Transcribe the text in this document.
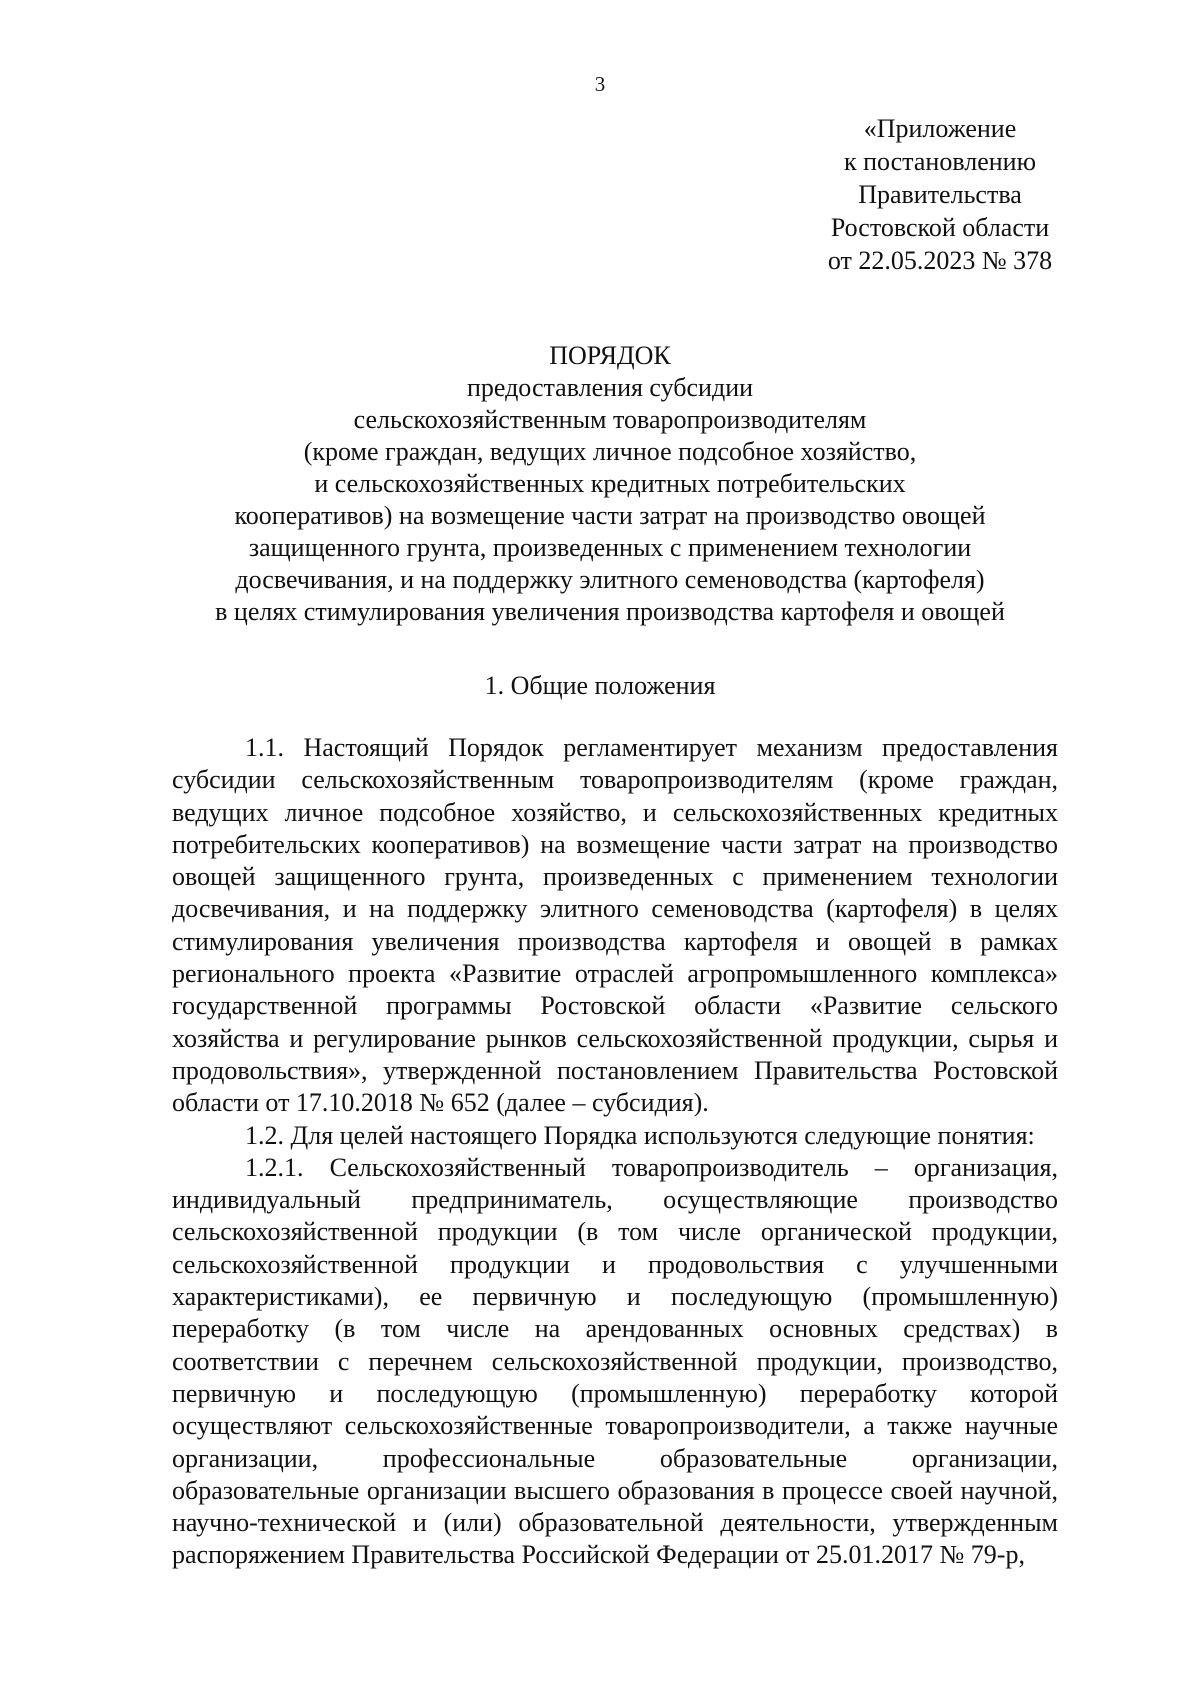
3
«Приложение
к постановлению
Правительства
Ростовской области
от 22.05.2023 № 378
ПОРЯДОК
предоставления субсидии
сельскохозяйственным товаропроизводителям
(кроме граждан, ведущих личное подсобное хозяйство,
и сельскохозяйственных кредитных потребительских
кооперативов) на возмещение части затрат на производство овощей
защищенного грунта, произведенных с применением технологии
досвечивания, и на поддержку элитного семеноводства (картофеля)
в целях стимулирования увеличения производства картофеля и овощей
1. Общие положения

1.1. Настоящий Порядок регламентирует механизм предоставления субсидии сельскохозяйственным товаропроизводителям (кроме граждан, ведущих личное подсобное хозяйство, и сельскохозяйственных кредитных потребительских кооперативов) на возмещение части затрат на производство овощей защищенного грунта, произведенных с применением технологии досвечивания, и на поддержку элитного семеноводства (картофеля) в целях стимулирования увеличения производства картофеля и овощей в рамках регионального проекта «Развитие отраслей агропромышленного комплекса» государственной программы Ростовской области «Развитие сельского хозяйства и регулирование рынков сельскохозяйственной продукции, сырья и продовольствия», утвержденной постановлением Правительства Ростовской области от 17.10.2018 № 652 (далее – субсидия).

1.2. Для целей настоящего Порядка используются следующие понятия:

1.2.1. Сельскохозяйственный товаропроизводитель – организация, индивидуальный предприниматель, осуществляющие производство сельскохозяйственной продукции (в том числе органической продукции, сельскохозяйственной продукции и продовольствия с улучшенными характеристиками), ее первичную и последующую (промышленную) переработку (в том числе на арендованных основных средствах) в соответствии с перечнем сельскохозяйственной продукции, производство, первичную и последующую (промышленную) переработку которой осуществляют сельскохозяйственные товаропроизводители, а также научные организации, профессиональные образовательные организации, образовательные организации высшего образования в процессе своей научной, научно-технической и (или) образовательной деятельности, утвержденным распоряжением Правительства Российской Федерации от 25.01.2017 № 79-р,
